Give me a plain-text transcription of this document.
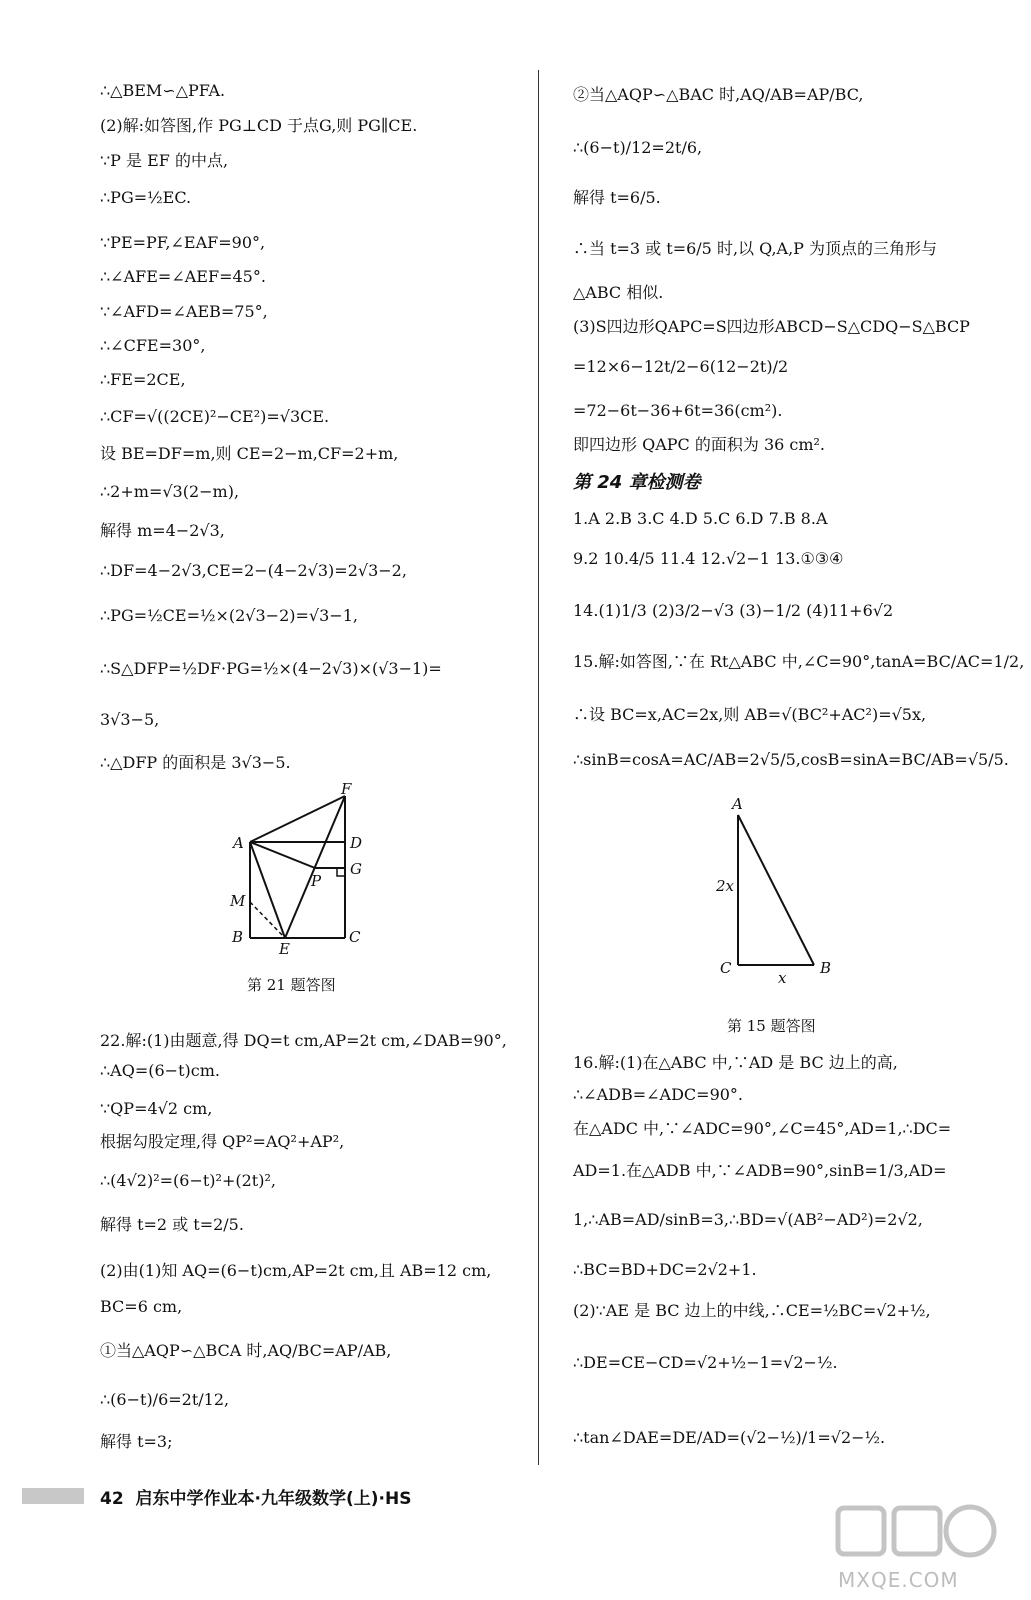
∴△BEM∽△PFA.
(2)解:如答图,作 PG⊥CD 于点G,则 PG∥CE.
∵P 是 EF 的中点,
∴PG=½EC.
∵PE=PF,∠EAF=90°,
∴∠AFE=∠AEF=45°.
∵∠AFD=∠AEB=75°,
∴∠CFE=30°,
∴FE=2CE,
∴CF=√((2CE)²−CE²)=√3CE.
设 BE=DF=m,则 CE=2−m,CF=2+m,
∴2+m=√3(2−m),
解得 m=4−2√3,
∴DF=4−2√3,CE=2−(4−2√3)=2√3−2,
∴PG=½CE=½×(2√3−2)=√3−1,
∴S△DFP=½DF·PG=½×(4−2√3)×(√3−1)=
3√3−5,
∴△DFP 的面积是 3√3−5.
22.解:(1)由题意,得 DQ=t cm,AP=2t cm,∠DAB=90°,
∴AQ=(6−t)cm.
∵QP=4√2 cm,
根据勾股定理,得 QP²=AQ²+AP²,
∴(4√2)²=(6−t)²+(2t)²,
解得 t=2 或 t=2/5.
(2)由(1)知 AQ=(6−t)cm,AP=2t cm,且 AB=12 cm,
BC=6 cm,
①当△AQP∽△BCA 时,AQ/BC=AP/AB,
∴(6−t)/6=2t/12,
解得 t=3;
②当△AQP∽△BAC 时,AQ/AB=AP/BC,
∴(6−t)/12=2t/6,
解得 t=6/5.
∴当 t=3 或 t=6/5 时,以 Q,A,P 为顶点的三角形与
△ABC 相似.
(3)S四边形QAPC=S四边形ABCD−S△CDQ−S△BCP
=12×6−12t/2−6(12−2t)/2
=72−6t−36+6t=36(cm²).
即四边形 QAPC 的面积为 36 cm².
1.A 2.B 3.C 4.D 5.C 6.D 7.B 8.A
9.2 10.4/5 11.4 12.√2−1 13.①③④
14.(1)1/3 (2)3/2−√3 (3)−1/2 (4)11+6√2
15.解:如答图,∵在 Rt△ABC 中,∠C=90°,tanA=BC/AC=1/2,
∴设 BC=x,AC=2x,则 AB=√(BC²+AC²)=√5x,
∴sinB=cosA=AC/AB=2√5/5,cosB=sinA=BC/AB=√5/5.
16.解:(1)在△ABC 中,∵AD 是 BC 边上的高,
∴∠ADB=∠ADC=90°.
在△ADC 中,∵∠ADC=90°,∠C=45°,AD=1,∴DC=
AD=1.在△ADB 中,∵∠ADB=90°,sinB=1/3,AD=
1,∴AB=AD/sinB=3,∴BD=√(AB²−AD²)=2√2,
∴BC=BD+DC=2√2+1.
(2)∵AE 是 BC 边上的中线,∴CE=½BC=√2+½,
∴DE=CE−CD=√2+½−1=√2−½.
∴tan∠DAE=DE/AD=(√2−½)/1=√2−½.
第 24 章检测卷
F
A	D
G
P
M
B
E
C
第 21 题答图
A
2x
C
x
B
第 15 题答图
42 启东中学作业本·九年级数学(上)·HS
MXQE.COM
